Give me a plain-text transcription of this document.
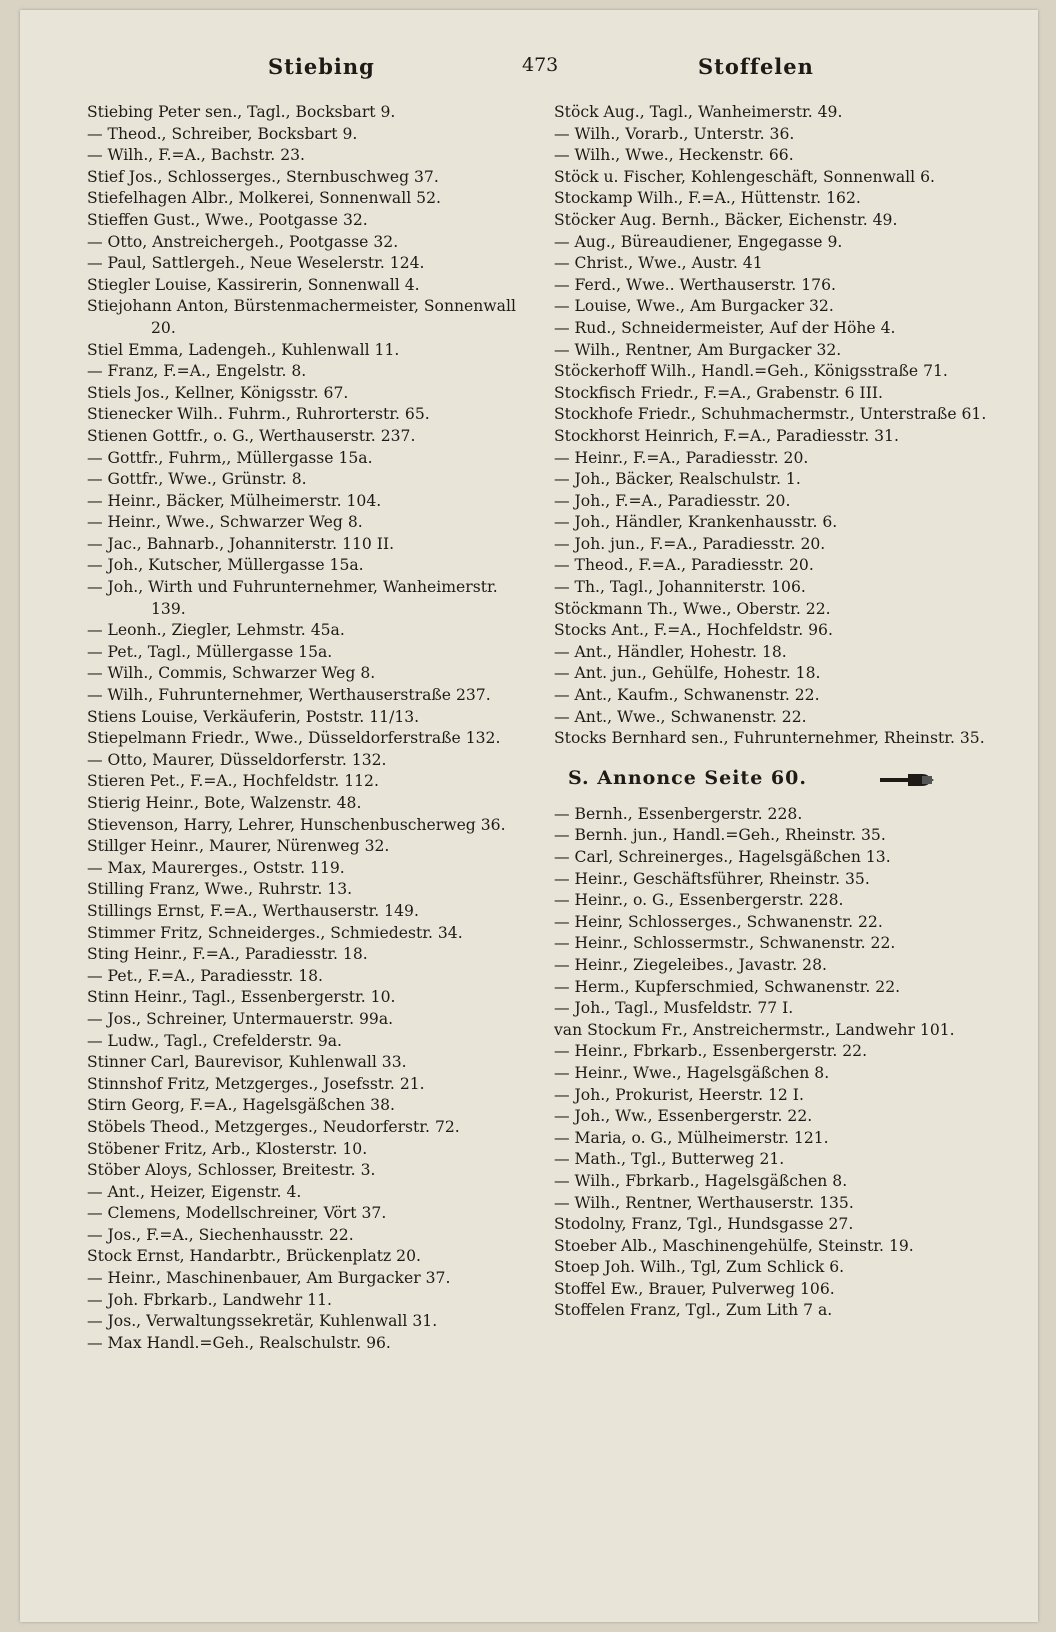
Stiebing	473	Stoffelen
Stiebing Peter sen., Tagl., Bocksbart 9.
— Theod., Schreiber, Bocksbart 9.
— Wilh., F.=A., Bachstr. 23.
Stief Jos., Schlosserges., Sternbuschweg 37.
Stiefelhagen Albr., Molkerei, Sonnenwall 52.
Stieffen Gust., Wwe., Pootgasse 32.
— Otto, Anstreichergeh., Pootgasse 32.
— Paul, Sattlergeh., Neue Weselerstr. 124.
Stiegler Louise, Kassirerin, Sonnenwall 4.
Stiejohann Anton, Bürstenmachermeister, Sonnenwall 20.
Stiel Emma, Ladengeh., Kuhlenwall 11.
— Franz, F.=A., Engelstr. 8.
Stiels Jos., Kellner, Königsstr. 67.
Stienecker Wilh.. Fuhrm., Ruhrorterstr. 65.
Stienen Gottfr., o. G., Werthauserstr. 237.
— Gottfr., Fuhrm,, Müllergasse 15a.
— Gottfr., Wwe., Grünstr. 8.
— Heinr., Bäcker, Mülheimerstr. 104.
— Heinr., Wwe., Schwarzer Weg 8.
— Jac., Bahnarb., Johanniterstr. 110 II.
— Joh., Kutscher, Müllergasse 15a.
— Joh., Wirth und Fuhrunternehmer, Wanheimerstr. 139.
— Leonh., Ziegler, Lehmstr. 45a.
— Pet., Tagl., Müllergasse 15a.
— Wilh., Commis, Schwarzer Weg 8.
— Wilh., Fuhrunternehmer, Werthauserstraße 237.
Stiens Louise, Verkäuferin, Poststr. 11/13.
Stiepelmann Friedr., Wwe., Düsseldorferstraße 132.
— Otto, Maurer, Düsseldorferstr. 132.
Stieren Pet., F.=A., Hochfeldstr. 112.
Stierig Heinr., Bote, Walzenstr. 48.
Stievenson, Harry, Lehrer, Hunschenbuscherweg 36.
Stillger Heinr., Maurer, Nürenweg 32.
— Max, Maurerges., Oststr. 119.
Stilling Franz, Wwe., Ruhrstr. 13.
Stillings Ernst, F.=A., Werthauserstr. 149.
Stimmer Fritz, Schneiderges., Schmiedestr. 34.
Sting Heinr., F.=A., Paradiesstr. 18.
— Pet., F.=A., Paradiesstr. 18.
Stinn Heinr., Tagl., Essenbergerstr. 10.
— Jos., Schreiner, Untermauerstr. 99a.
— Ludw., Tagl., Crefelderstr. 9a.
Stinner Carl, Baurevisor, Kuhlenwall 33.
Stinnshof Fritz, Metzgerges., Josefsstr. 21.
Stirn Georg, F.=A., Hagelsgäßchen 38.
Stöbels Theod., Metzgerges., Neudorferstr. 72.
Stöbener Fritz, Arb., Klosterstr. 10.
Stöber Aloys, Schlosser, Breitestr. 3.
— Ant., Heizer, Eigenstr. 4.
— Clemens, Modellschreiner, Vört 37.
— Jos., F.=A., Siechenhausstr. 22.
Stock Ernst, Handarbtr., Brückenplatz 20.
— Heinr., Maschinenbauer, Am Burgacker 37.
— Joh. Fbrkarb., Landwehr 11.
— Jos., Verwaltungssekretär, Kuhlenwall 31.
— Max Handl.=Geh., Realschulstr. 96.
Stöck Aug., Tagl., Wanheimerstr. 49.
— Wilh., Vorarb., Unterstr. 36.
— Wilh., Wwe., Heckenstr. 66.
Stöck u. Fischer, Kohlengeschäft, Sonnenwall 6.
Stockamp Wilh., F.=A., Hüttenstr. 162.
Stöcker Aug. Bernh., Bäcker, Eichenstr. 49.
— Aug., Büreaudiener, Engegasse 9.
— Christ., Wwe., Austr. 41
— Ferd., Wwe.. Werthauserstr. 176.
— Louise, Wwe., Am Burgacker 32.
— Rud., Schneidermeister, Auf der Höhe 4.
— Wilh., Rentner, Am Burgacker 32.
Stöckerhoff Wilh., Handl.=Geh., Königsstraße 71.
Stockfisch Friedr., F.=A., Grabenstr. 6 III.
Stockhofe Friedr., Schuhmachermstr., Unterstraße 61.
Stockhorst Heinrich, F.=A., Paradiesstr. 31.
— Heinr., F.=A., Paradiesstr. 20.
— Joh., Bäcker, Realschulstr. 1.
— Joh., F.=A., Paradiesstr. 20.
— Joh., Händler, Krankenhausstr. 6.
— Joh. jun., F.=A., Paradiesstr. 20.
— Theod., F.=A., Paradiesstr. 20.
— Th., Tagl., Johanniterstr. 106.
Stöckmann Th., Wwe., Oberstr. 22.
Stocks Ant., F.=A., Hochfeldstr. 96.
— Ant., Händler, Hohestr. 18.
— Ant. jun., Gehülfe, Hohestr. 18.
— Ant., Kaufm., Schwanenstr. 22.
— Ant., Wwe., Schwanenstr. 22.
Stocks Bernhard sen., Fuhrunternehmer, Rheinstr. 35.
S. Annonce Seite 60.
— Bernh., Essenbergerstr. 228.
— Bernh. jun., Handl.=Geh., Rheinstr. 35.
— Carl, Schreinerges., Hagelsgäßchen 13.
— Heinr., Geschäftsführer, Rheinstr. 35.
— Heinr., o. G., Essenbergerstr. 228.
— Heinr, Schlosserges., Schwanenstr. 22.
— Heinr., Schlossermstr., Schwanenstr. 22.
— Heinr., Ziegeleibes., Javastr. 28.
— Herm., Kupferschmied, Schwanenstr. 22.
— Joh., Tagl., Musfeldstr. 77 I.
van Stockum Fr., Anstreichermstr., Landwehr 101.
— Heinr., Fbrkarb., Essenbergerstr. 22.
— Heinr., Wwe., Hagelsgäßchen 8.
— Joh., Prokurist, Heerstr. 12 I.
— Joh., Ww., Essenbergerstr. 22.
— Maria, o. G., Mülheimerstr. 121.
— Math., Tgl., Butterweg 21.
— Wilh., Fbrkarb., Hagelsgäßchen 8.
— Wilh., Rentner, Werthauserstr. 135.
Stodolny, Franz, Tgl., Hundsgasse 27.
Stoeber Alb., Maschinengehülfe, Steinstr. 19.
Stoep Joh. Wilh., Tgl, Zum Schlick 6.
Stoffel Ew., Brauer, Pulverweg 106.
Stoffelen Franz, Tgl., Zum Lith 7 a.
